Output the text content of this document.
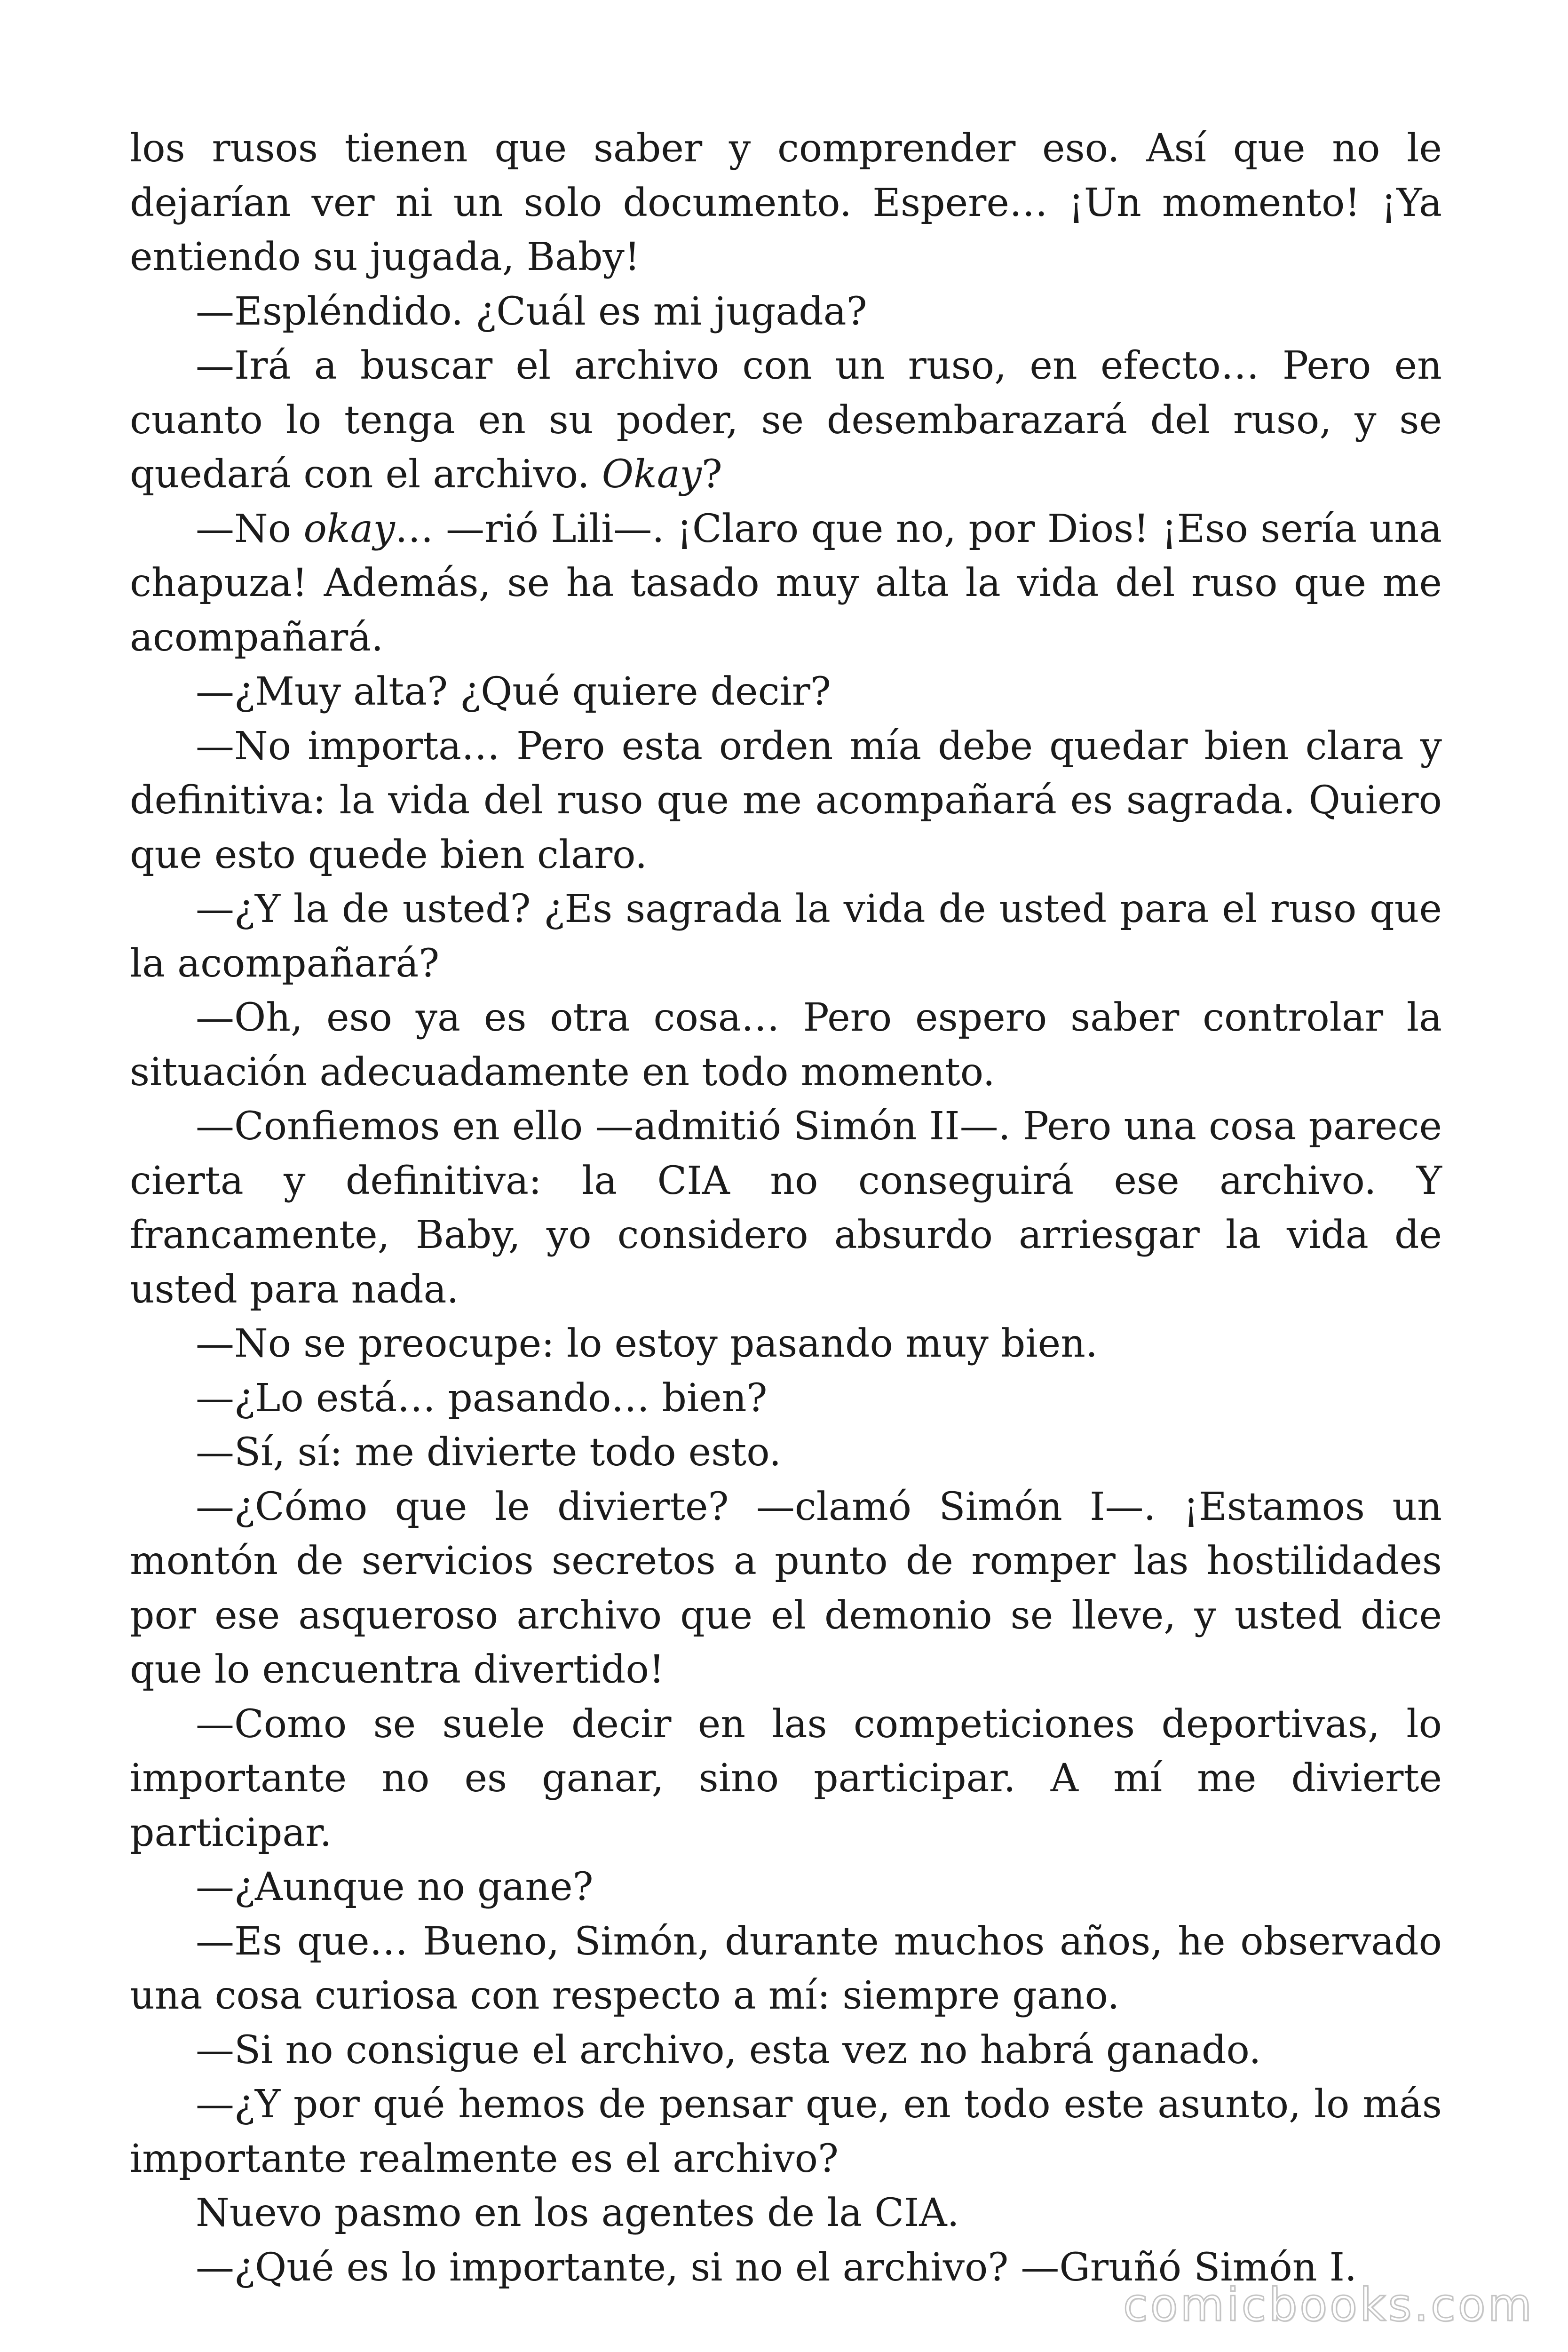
los rusos tienen que saber y comprender eso. Así que no le dejarían ver ni un solo documento. Espere… ¡Un momento! ¡Ya entiendo su jugada, Baby!

—Espléndido. ¿Cuál es mi jugada?

—Irá a buscar el archivo con un ruso, en efecto… Pero en cuanto lo tenga en su poder, se desembarazará del ruso, y se quedará con el archivo. Okay?

—No okay… —rió Lili—. ¡Claro que no, por Dios! ¡Eso sería una chapuza! Además, se ha tasado muy alta la vida del ruso que me acompañará.

—¿Muy alta? ¿Qué quiere decir?

—No importa… Pero esta orden mía debe quedar bien clara y definitiva: la vida del ruso que me acompañará es sagrada. Quiero que esto quede bien claro.

—¿Y la de usted? ¿Es sagrada la vida de usted para el ruso que la acompañará?

—Oh, eso ya es otra cosa… Pero espero saber controlar la situación adecuadamente en todo momento.

—Confiemos en ello —admitió Simón II—. Pero una cosa parece cierta y definitiva: la CIA no conseguirá ese archivo. Y francamente, Baby, yo considero absurdo arriesgar la vida de usted para nada.

—No se preocupe: lo estoy pasando muy bien.

—¿Lo está… pasando… bien?

—Sí, sí: me divierte todo esto.

—¿Cómo que le divierte? —clamó Simón I—. ¡Estamos un montón de servicios secretos a punto de romper las hostilidades por ese asqueroso archivo que el demonio se lleve, y usted dice que lo encuentra divertido!

—Como se suele decir en las competiciones deportivas, lo importante no es ganar, sino participar. A mí me divierte participar.

—¿Aunque no gane?

—Es que… Bueno, Simón, durante muchos años, he observado una cosa curiosa con respecto a mí: siempre gano.

—Si no consigue el archivo, esta vez no habrá ganado.

—¿Y por qué hemos de pensar que, en todo este asunto, lo más importante realmente es el archivo?

Nuevo pasmo en los agentes de la CIA.

—¿Qué es lo importante, si no el archivo? —Gruñó Simón I.

comicbooks.com
